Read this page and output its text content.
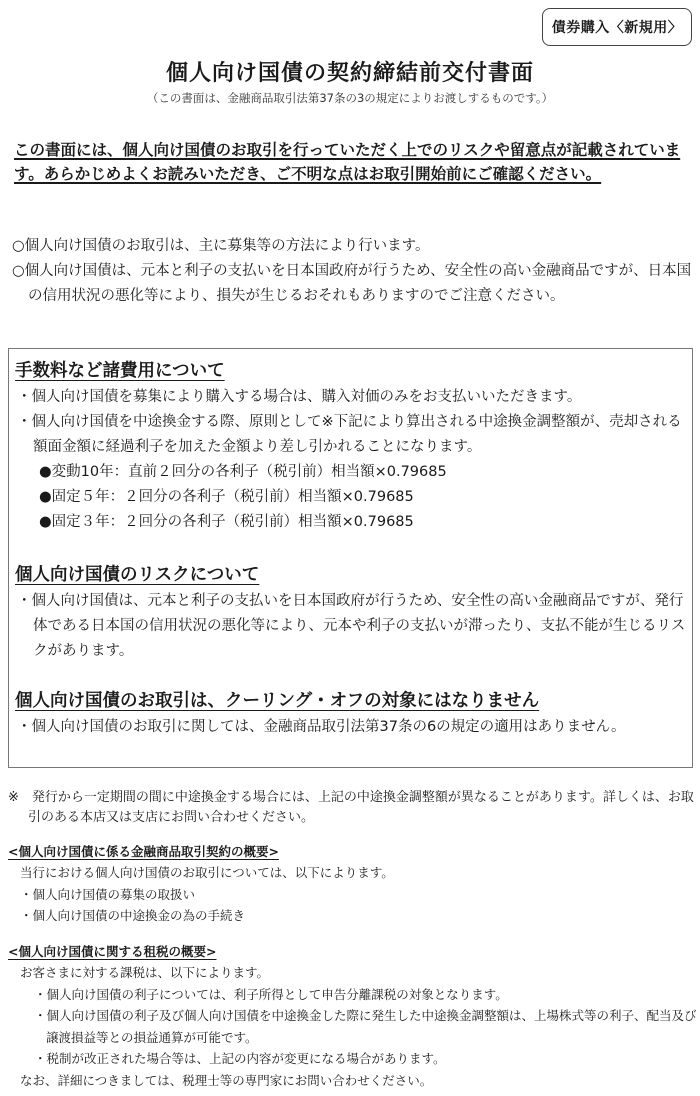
債券購入〈新規用〉
個人向け国債の契約締結前交付書面
（この書面は、金融商品取引法第37条の3の規定によりお渡しするものです。）
この書面には、個人向け国債のお取引を行っていただく上でのリスクや留意点が記載されています。あらかじめよくお読みいただき、ご不明な点はお取引開始前にご確認ください。

○個人向け国債のお取引は、主に募集等の方法により行います。

○個人向け国債は、元本と利子の支払いを日本国政府が行うため、安全性の高い金融商品ですが、日本国の信用状況の悪化等により、損失が生じるおそれもありますのでご注意ください。

手数料など諸費用について

・個人向け国債を募集により購入する場合は、購入対価のみをお支払いいただきます。

・個人向け国債を中途換金する際、原則として※下記により算出される中途換金調整額が、売却される額面金額に経過利子を加えた金額より差し引かれることになります。

●変動10年：直前２回分の各利子（税引前）相当額×0.79685

●固定５年：２回分の各利子（税引前）相当額×0.79685

●固定３年：２回分の各利子（税引前）相当額×0.79685

個人向け国債のリスクについて

・個人向け国債は、元本と利子の支払いを日本国政府が行うため、安全性の高い金融商品ですが、発行体である日本国の信用状況の悪化等により、元本や利子の支払いが滞ったり、支払不能が生じるリスクがあります。

個人向け国債のお取引は、クーリング・オフの対象にはなりません

・個人向け国債のお取引に関しては、金融商品取引法第37条の6の規定の適用はありません。

※　発行から一定期間の間に中途換金する場合には、上記の中途換金調整額が異なることがあります。詳しくは、お取引のある本店又は支店にお問い合わせください。

<個人向け国債に係る金融商品取引契約の概要>

当行における個人向け国債のお取引については、以下によります。

・個人向け国債の募集の取扱い

・個人向け国債の中途換金の為の手続き

<個人向け国債に関する租税の概要>

お客さまに対する課税は、以下によります。

・個人向け国債の利子については、利子所得として申告分離課税の対象となります。

・個人向け国債の利子及び個人向け国債を中途換金した際に発生した中途換金調整額は、上場株式等の利子、配当及び譲渡損益等との損益通算が可能です。

・税制が改正された場合等は、上記の内容が変更になる場合があります。

なお、詳細につきましては、税理士等の専門家にお問い合わせください。
